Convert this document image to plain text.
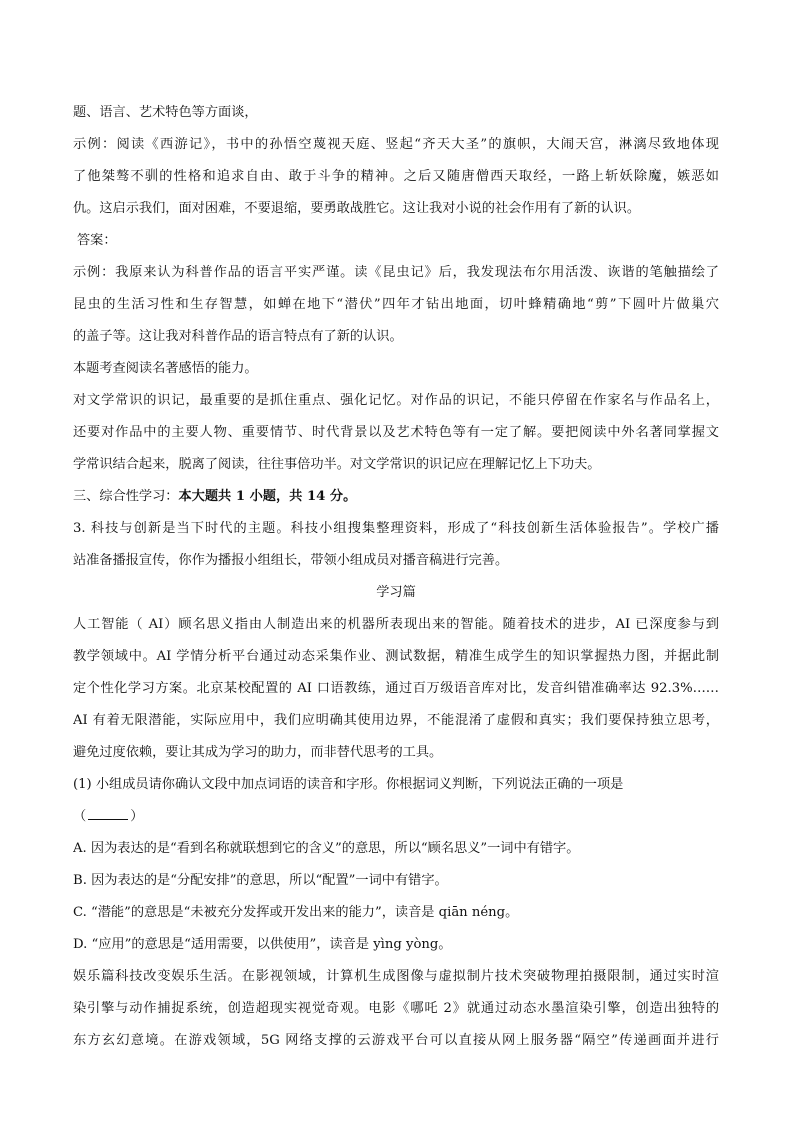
题、语言、艺术特色等方面谈，
示例：阅读《西游记》，书中的孙悟空蔑视天庭、竖起“齐天大圣”的旗帜，大闹天宫，淋漓尽致地体现
了他桀骜不驯的性格和追求自由、敢于斗争的精神。之后又随唐僧西天取经，一路上斩妖除魔，嫉恶如
仇。这启示我们，面对困难，不要退缩，要勇敢战胜它。这让我对小说的社会作用有了新的认识。
答案：
示例：我原来认为科普作品的语言平实严谨。读《昆虫记》后，我发现法布尔用活泼、诙谐的笔触描绘了
昆虫的生活习性和生存智慧，如蝉在地下“潜伏”四年才钻出地面，切叶蜂精确地“剪”下圆叶片做巢穴
的盖子等。这让我对科普作品的语言特点有了新的认识。
本题考查阅读名著感悟的能力。
对文学常识的识记，最重要的是抓住重点、强化记忆。对作品的识记，不能只停留在作家名与作品名上，
还要对作品中的主要人物、重要情节、时代背景以及艺术特色等有一定了解。要把阅读中外名著同掌握文
学常识结合起来，脱离了阅读，往往事倍功半。对文学常识的识记应在理解记忆上下功夫。
三、综合性学习：本大题共 1 小题，共 14 分。
3. 科技与创新是当下时代的主题。科技小组搜集整理资料，形成了“科技创新生活体验报告”。学校广播
站准备播报宣传，你作为播报小组组长，带领小组成员对播音稿进行完善。
学习篇
人工智能（ AI）顾名思义指由人制造出来的机器所表现出来的智能。随着技术的进步，AI 已深度参与到
教学领域中。AI 学情分析平台通过动态采集作业、测试数据，精准生成学生的知识掌握热力图，并据此制
定个性化学习方案。北京某校配置的 AI 口语教练，通过百万级语音库对比，发音纠错准确率达 92.3%……
AI 有着无限潜能，实际应用中，我们应明确其使用边界，不能混淆了虚假和真实；我们要保持独立思考，
避免过度依赖，要让其成为学习的助力，而非替代思考的工具。
(1) 小组成员请你确认文段中加点词语的读音和字形。你根据词义判断，下列说法正确的一项是
（	）
A. 因为表达的是“看到名称就联想到它的含义”的意思，所以“顾名思义”一词中有错字。
B. 因为表达的是“分配安排”的意思，所以“配置”一词中有错字。
C. “潜能”的意思是“未被充分发挥或开发出来的能力”，读音是 qiān néng。
D. “应用”的意思是“适用需要，以供使用”，读音是 yìng yòng。
娱乐篇科技改变娱乐生活。在影视领域，计算机生成图像与虚拟制片技术突破物理拍摄限制，通过实时渲
染引擎与动作捕捉系统，创造超现实视觉奇观。电影《哪吒 2》就通过动态水墨渲染引擎，创造出独特的
东方玄幻意境。在游戏领域，5G 网络支撑的云游戏平台可以直接从网上服务器“隔空”传递画面并进行
